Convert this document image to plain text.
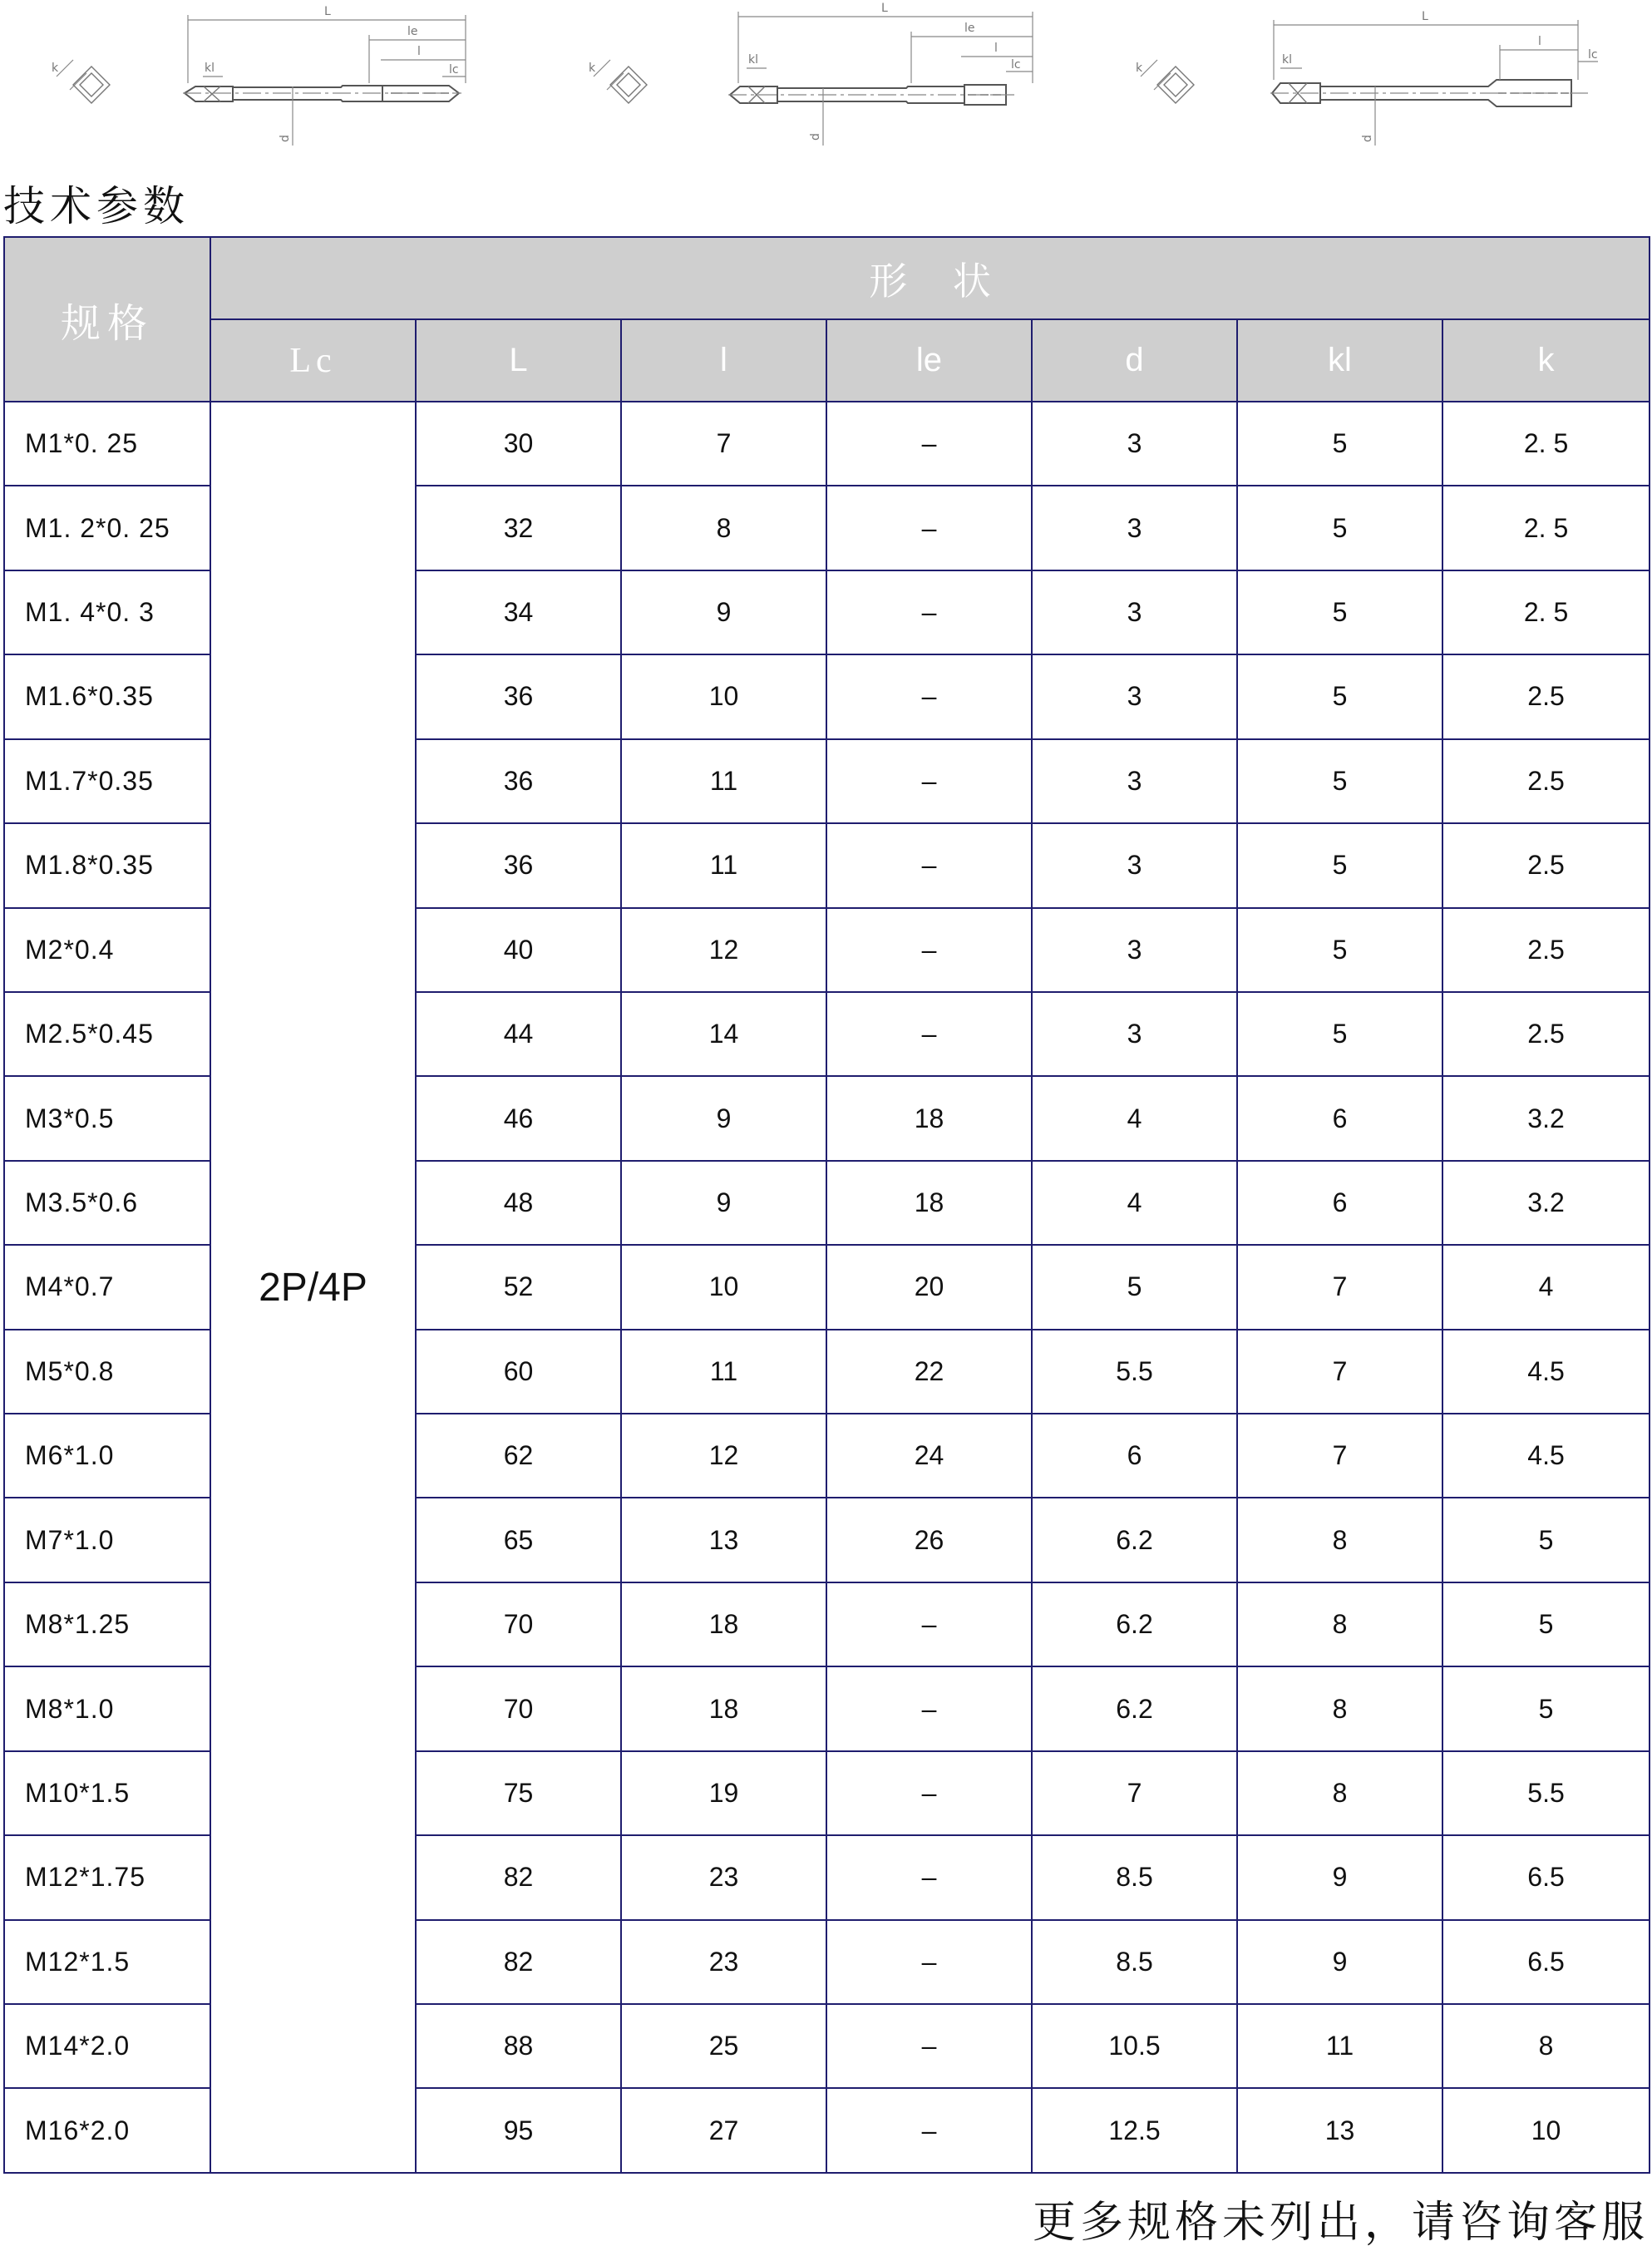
k
L
le
l
lc
kl
d
k
L
le
l
lc
kl
d
k
L
l
lc
kl
d
技术参数
规格	形 状						
	Lc	L	l	le	d	kl	k
M1*0. 25	2P/4P	30	7	–	3	5	2. 5
M1. 2*0. 25		32	8	–	3	5	2. 5
M1. 4*0. 3		34	9	–	3	5	2. 5
M1.6*0.35		36	10	–	3	5	2.5
M1.7*0.35		36	11	–	3	5	2.5
M1.8*0.35		36	11	–	3	5	2.5
M2*0.4		40	12	–	3	5	2.5
M2.5*0.45		44	14	–	3	5	2.5
M3*0.5		46	9	18	4	6	3.2
M3.5*0.6		48	9	18	4	6	3.2
M4*0.7		52	10	20	5	7	4
M5*0.8		60	11	22	5.5	7	4.5
M6*1.0		62	12	24	6	7	4.5
M7*1.0		65	13	26	6.2	8	5
M8*1.25		70	18	–	6.2	8	5
M8*1.0		70	18	–	6.2	8	5
M10*1.5		75	19	–	7	8	5.5
M12*1.75		82	23	–	8.5	9	6.5
M12*1.5		82	23	–	8.5	9	6.5
M14*2.0		88	25	–	10.5	11	8
M16*2.0		95	27	–	12.5	13	10

更多规格未列出，请咨询客服
